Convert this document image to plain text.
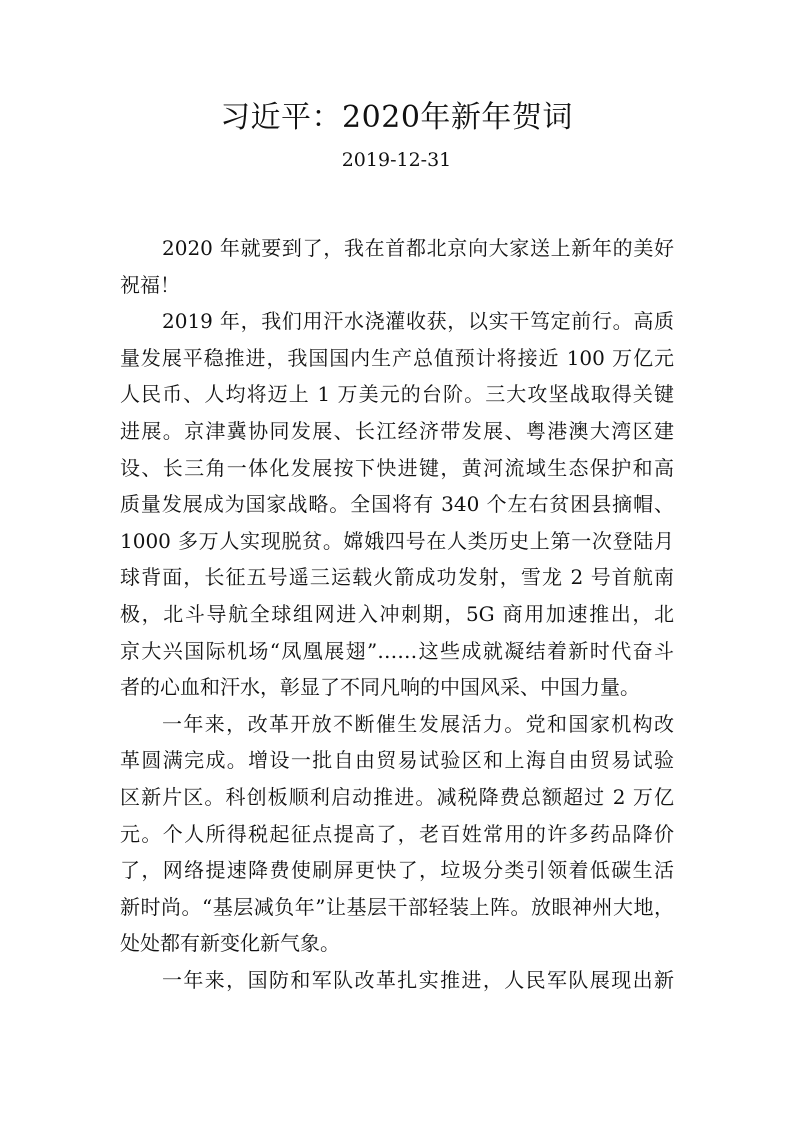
习近平：2020年新年贺词
2019-12-31
2020 年就要到了，我在首都北京向大家送上新年的美好
祝福！
2019 年，我们用汗水浇灌收获，以实干笃定前行。高质
量发展平稳推进，我国国内生产总值预计将接近 100 万亿元
人民币、人均将迈上 1 万美元的台阶。三大攻坚战取得关键
进展。京津冀协同发展、长江经济带发展、粤港澳大湾区建
设、长三角一体化发展按下快进键，黄河流域生态保护和高
质量发展成为国家战略。全国将有 340 个左右贫困县摘帽、
1000 多万人实现脱贫。嫦娥四号在人类历史上第一次登陆月
球背面，长征五号遥三运载火箭成功发射，雪龙 2 号首航南
极，北斗导航全球组网进入冲刺期，5G 商用加速推出，北
京大兴国际机场“凤凰展翅”……这些成就凝结着新时代奋斗
者的心血和汗水，彰显了不同凡响的中国风采、中国力量。
一年来，改革开放不断催生发展活力。党和国家机构改
革圆满完成。增设一批自由贸易试验区和上海自由贸易试验
区新片区。科创板顺利启动推进。减税降费总额超过 2 万亿
元。个人所得税起征点提高了，老百姓常用的许多药品降价
了，网络提速降费使刷屏更快了，垃圾分类引领着低碳生活
新时尚。“基层减负年”让基层干部轻装上阵。放眼神州大地，
处处都有新变化新气象。
一年来，国防和军队改革扎实推进，人民军队展现出新
